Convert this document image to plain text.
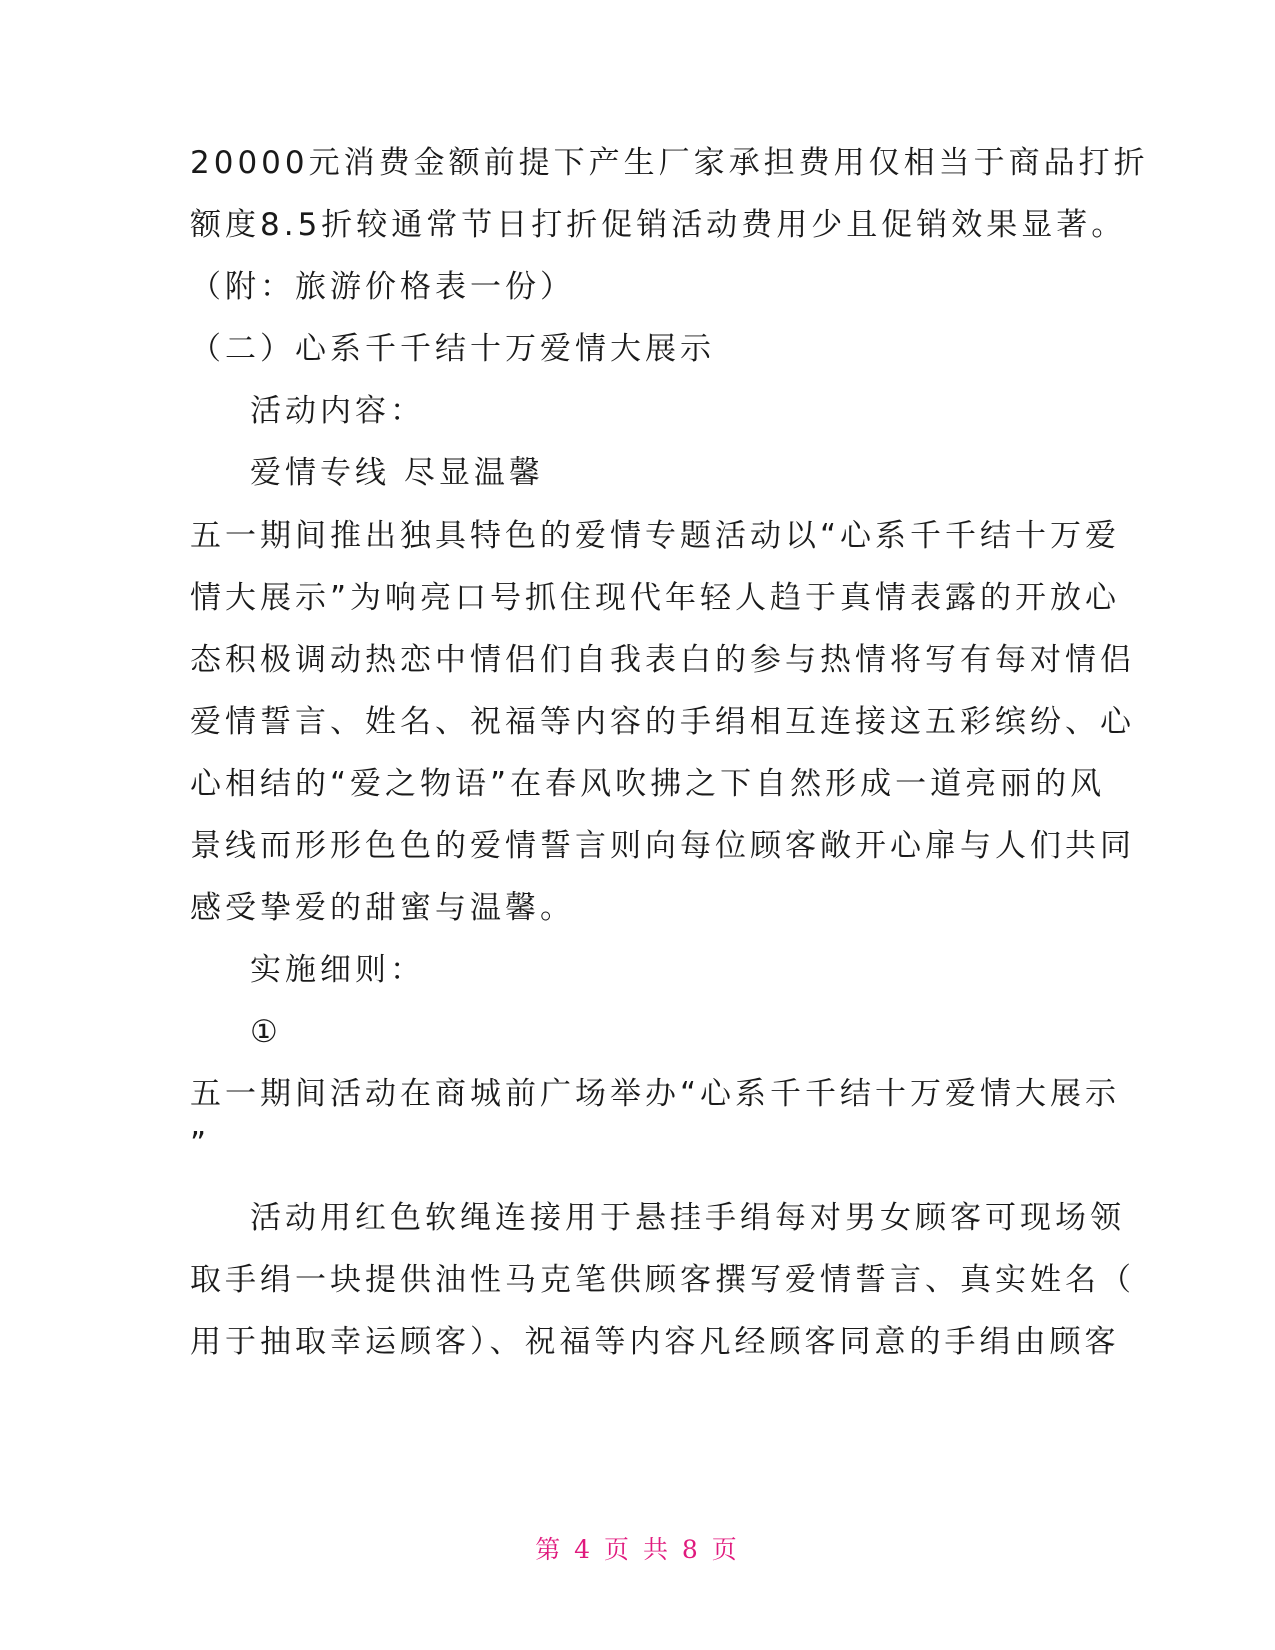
20000元消费金额前提下产生厂家承担费用仅相当于商品打折
额度8.5折较通常节日打折促销活动费用少且促销效果显著。
（附：旅游价格表一份）
（二）心系千千结十万爱情大展示
活动内容：
爱情专线 尽显温馨
五一期间推出独具特色的爱情专题活动以“心系千千结十万爱
情大展示”为响亮口号抓住现代年轻人趋于真情表露的开放心
态积极调动热恋中情侣们自我表白的参与热情将写有每对情侣
爱情誓言、姓名、祝福等内容的手绢相互连接这五彩缤纷、心
心相结的“爱之物语”在春风吹拂之下自然形成一道亮丽的风
景线而形形色色的爱情誓言则向每位顾客敞开心扉与人们共同
感受挚爱的甜蜜与温馨。
实施细则：
①
五一期间活动在商城前广场举办“心系千千结十万爱情大展示
”
活动用红色软绳连接用于悬挂手绢每对男女顾客可现场领
取手绢一块提供油性马克笔供顾客撰写爱情誓言、真实姓名（
用于抽取幸运顾客）、祝福等内容凡经顾客同意的手绢由顾客
第 4 页 共 8 页
